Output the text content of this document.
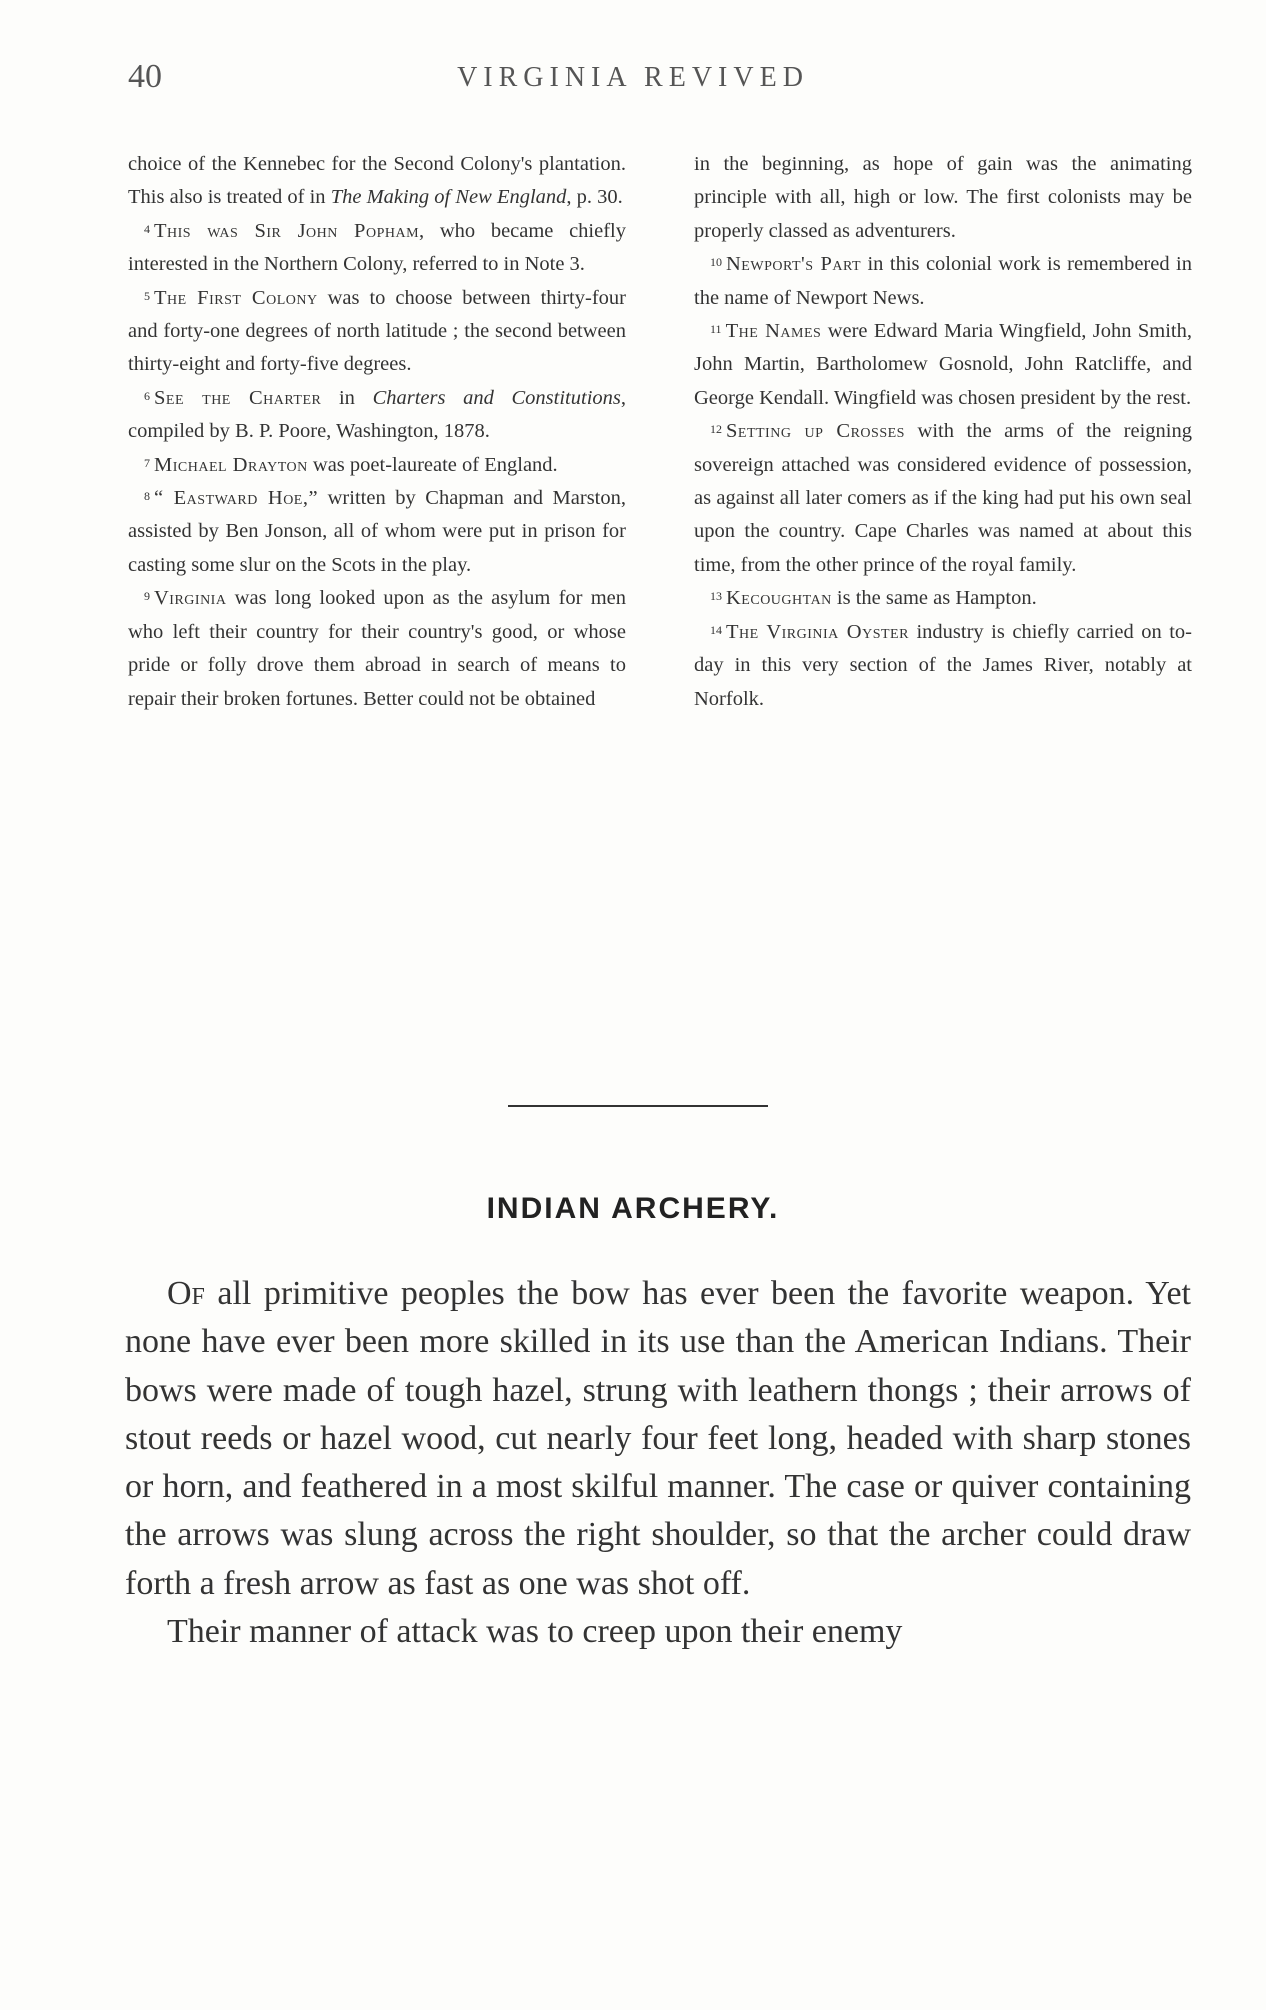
40	VIRGINIA REVIVED

choice of the Kennebec for the Second Colony's plantation. This also is treated of in The Making of New England, p. 30.

$^4$ This was Sir John Popham, who became chiefly interested in the Northern Colony, referred to in Note 3.

$^5$ The First Colony was to choose between thirty-four and forty-one degrees of north latitude ; the second between thirty-eight and forty-five degrees.

$^6$ See the Charter in Charters and Constitutions, compiled by B. P. Poore, Washington, 1878.

$^7$ Michael Drayton was poet-laureate of England.

$^8$ “ Eastward Hoe,” written by Chapman and Marston, assisted by Ben Jonson, all of whom were put in prison for casting some slur on the Scots in the play.

$^9$ Virginia was long looked upon as the asylum for men who left their country for their country's good, or whose pride or folly drove them abroad in search of means to repair their broken fortunes. Better could not be obtained

in the beginning, as hope of gain was the animating principle with all, high or low. The first colonists may be properly classed as adventurers.

$^{10}$ Newport's Part in this colonial work is remembered in the name of Newport News.

$^{11}$ The Names were Edward Maria Wingfield, John Smith, John Martin, Bartholomew Gosnold, John Ratcliffe, and George Kendall. Wingfield was chosen president by the rest.

$^{12}$ Setting up Crosses with the arms of the reigning sovereign attached was considered evidence of possession, as against all later comers as if the king had put his own seal upon the country. Cape Charles was named at about this time, from the other prince of the royal family.

$^{13}$ Kecoughtan is the same as Hampton.

$^{14}$ The Virginia Oyster industry is chiefly carried on to-day in this very section of the James River, notably at Norfolk.

INDIAN ARCHERY.

Of all primitive peoples the bow has ever been the favorite weapon. Yet none have ever been more skilled in its use than the American Indians. Their bows were made of tough hazel, strung with leathern thongs ; their arrows of stout reeds or hazel wood, cut nearly four feet long, headed with sharp stones or horn, and feathered in a most skilful manner. The case or quiver containing the arrows was slung across the right shoulder, so that the archer could draw forth a fresh arrow as fast as one was shot off.

Their manner of attack was to creep upon their enemy
